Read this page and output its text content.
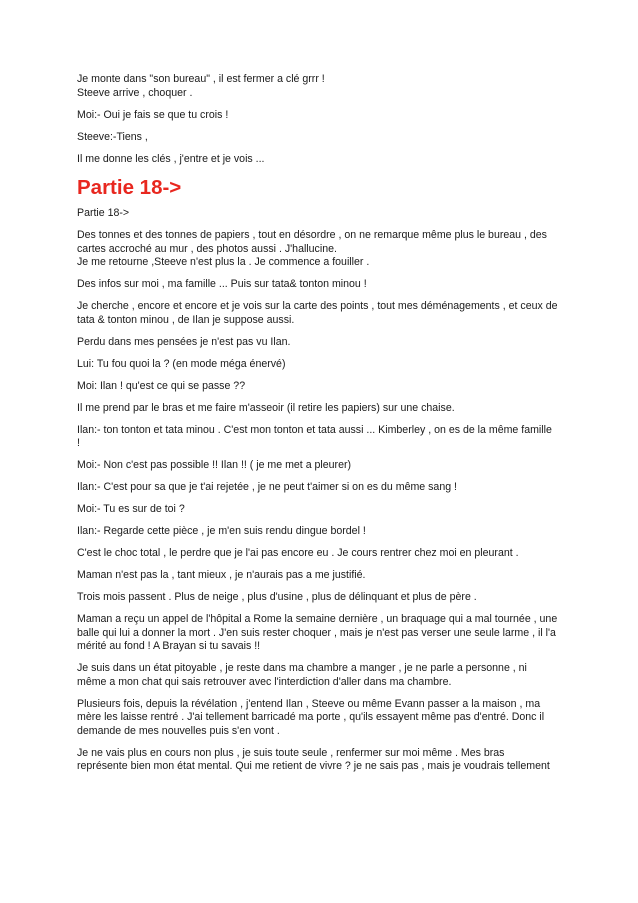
Je monte dans "son bureau" , il est fermer a clé grrr !
Steeve arrive , choquer .

Moi:- Oui je fais se que tu crois !

Steeve:-Tiens ,

Il me donne les clés , j'entre et je vois ...

Partie 18->

Partie 18->

Des tonnes et des tonnes de papiers , tout en désordre , on ne remarque même plus le bureau , des
cartes accroché au mur , des photos aussi . J'hallucine.
Je me retourne ,Steeve n'est plus la . Je commence a fouiller .

Des infos sur moi , ma famille ... Puis sur tata& tonton minou !

Je cherche , encore et encore et je vois sur la carte des points , tout mes déménagements , et ceux de
tata & tonton minou , de Ilan je suppose aussi.

Perdu dans mes pensées je n'est pas vu Ilan.

Lui: Tu fou quoi la ? (en mode méga énervé)

Moi: Ilan ! qu'est ce qui se passe ??

Il me prend par le bras et me faire m'asseoir (il retire les papiers) sur une chaise.

Ilan:- ton tonton et tata minou . C'est mon tonton et tata aussi ... Kimberley , on es de la même famille
!

Moi:- Non c'est pas possible !! Ilan !! ( je me met a pleurer)

Ilan:- C'est pour sa que je t'ai rejetée , je ne peut t'aimer si on es du même sang !

Moi:- Tu es sur de toi ?

Ilan:- Regarde cette pièce , je m'en suis rendu dingue bordel !

C'est le choc total , le perdre que je l'ai pas encore eu . Je cours rentrer chez moi en pleurant .

Maman n'est pas la , tant mieux , je n'aurais pas a me justifié.

Trois mois passent . Plus de neige , plus d'usine , plus de délinquant et plus de père .

Maman a reçu un appel de l'hôpital a Rome la semaine dernière , un braquage qui a mal tournée , une
balle qui lui a donner la mort . J'en suis rester choquer , mais je n'est pas verser une seule larme , il l'a
mérité au fond ! A Brayan si tu savais !!

Je suis dans un état pitoyable , je reste dans ma chambre a manger , je ne parle a personne , ni
même a mon chat qui sais retrouver avec l'interdiction d'aller dans ma chambre.

Plusieurs fois, depuis la révélation , j'entend Ilan , Steeve ou même Evann passer a la maison , ma
mère les laisse rentré . J'ai tellement barricadé ma porte , qu'ils essayent même pas d'entré. Donc il
demande de mes nouvelles puis s'en vont .

Je ne vais plus en cours non plus , je suis toute seule , renfermer sur moi même . Mes bras
représente bien mon état mental. Qui me retient de vivre ? je ne sais pas , mais je voudrais tellement
